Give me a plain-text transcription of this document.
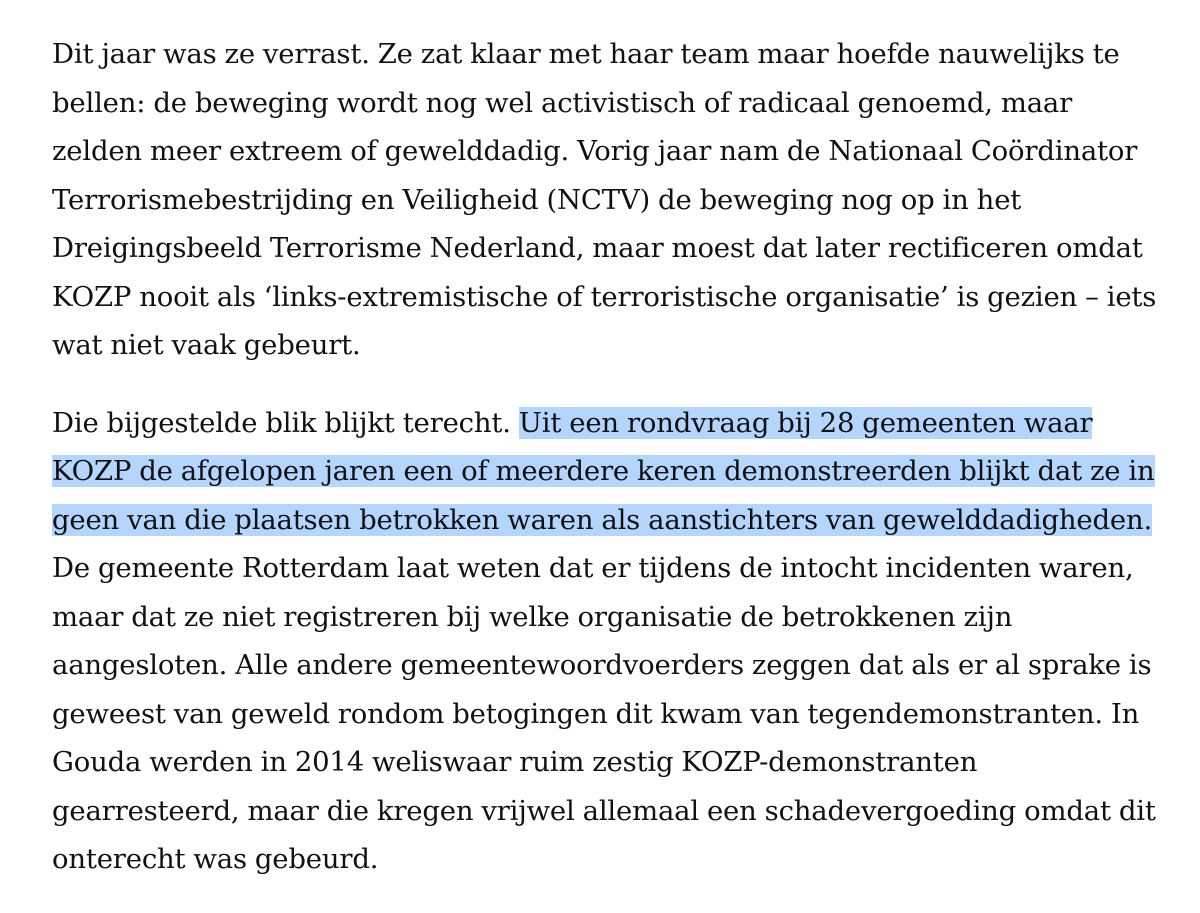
Dit jaar was ze verrast. Ze zat klaar met haar team maar hoefde nauwelijks te bellen: de beweging wordt nog wel activistisch of radicaal genoemd, maar zelden meer extreem of gewelddadig. Vorig jaar nam de Nationaal Coördinator Terrorismebestrijding en Veiligheid (NCTV) de beweging nog op in het Dreigingsbeeld Terrorisme Nederland, maar moest dat later rectificeren omdat KOZP nooit als ‘links-extremistische of terroristische organisatie’ is gezien – iets wat niet vaak gebeurt.

Die bijgestelde blik blijkt terecht. Uit een rondvraag bij 28 gemeenten waar KOZP de afgelopen jaren een of meerdere keren demonstreerden blijkt dat ze in geen van die plaatsen betrokken waren als aanstichters van gewelddadigheden. De gemeente Rotterdam laat weten dat er tijdens de intocht incidenten waren, maar dat ze niet registreren bij welke organisatie de betrokkenen zijn aangesloten. Alle andere gemeentewoordvoerders zeggen dat als er al sprake is geweest van geweld rondom betogingen dit kwam van tegendemonstranten. In Gouda werden in 2014 weliswaar ruim zestig KOZP-demonstranten gearresteerd, maar die kregen vrijwel allemaal een schadevergoeding omdat dit onterecht was gebeurd.
